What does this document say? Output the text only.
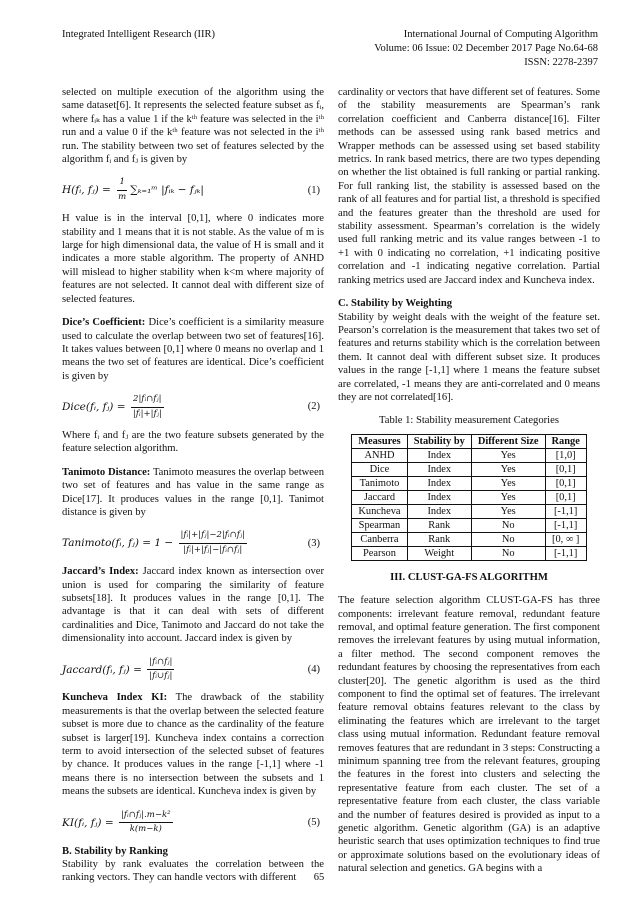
Integrated Intelligent Research (IIR)	International Journal of Computing Algorithm
Volume: 06 Issue: 02 December 2017 Page No.64-68
ISSN: 2278-2397

selected on multiple execution of the algorithm using the same dataset[6]. It represents the selected feature subset as fᵢ, where fᵢₖ has a value 1 if the kᵗʰ feature was selected in the iᵗʰ run and a value 0 if the kᵗʰ feature was not selected in the iᵗʰ run. The stability between two set of features selected by the algorithm fᵢ and fⱼ is given by

H(fᵢ, fⱼ) = $\frac{1}{m}$ ∑ₖ₌₁ᵐ |fᵢₖ − fⱼₖ|	(1)

H value is in the interval [0,1], where 0 indicates more stability and 1 means that it is not stable. As the value of m is large for high dimensional data, the value of H is small and it indicates a more stable algorithm. The property of ANHD will mislead to higher stability when k<m where majority of features are not selected. It cannot deal with different size of selected features.

Dice’s Coefficient: Dice’s coefficient is a similarity measure used to calculate the overlap between two set of features[16]. It takes values between [0,1] where 0 means no overlap and 1 means the two set of features are identical. Dice’s coefficient is given by

Dice(fᵢ, fⱼ) = $\frac{\text{2|fᵢ∩fⱼ|}}{\text{|fᵢ|+|fⱼ|}}$	(2)

Where fᵢ and fⱼ are the two feature subsets generated by the feature selection algorithm.

Tanimoto Distance: Tanimoto measures the overlap between two set of features and has value in the same range as Dice[17]. It produces values in the range [0,1]. Tanimot distance is given by

Tanimoto(fᵢ, fⱼ) = $1 - \frac{\text{|fᵢ|+|fⱼ|−2|fᵢ∩fⱼ|}}{\text{|fᵢ|+|fⱼ|−|fᵢ∩fⱼ|}}$	(3)

Jaccard’s Index: Jaccard index known as intersection over union is used for comparing the similarity of feature subsets[18]. It produces values in the range [0,1]. The advantage is that it can deal with sets of different cardinalities and Dice, Tanimoto and Jaccard do not take the dimensionality into account. Jaccard index is given by

Jaccard(fᵢ, fⱼ) = $\frac{\text{|fᵢ∩fⱼ|}}{\text{|fᵢ∪fⱼ|}}$	(4)

Kuncheva Index KI: The drawback of the stability measurements is that the overlap between the selected feature subset is more due to chance as the cardinality of the feature subset is larger[19]. Kuncheva index contains a correction term to avoid intersection of the selected subset of features by chance. It produces values in the range [-1,1] where -1 means there is no intersection between the subsets and 1 means the subsets are identical. Kuncheva index is given by

KI(fᵢ, fⱼ) = $\frac{\text{|fᵢ∩fⱼ|.m−k²}}{k(m-k)}$	(5)
B. Stability by Ranking

Stability by rank evaluates the correlation between the ranking vectors. They can handle vectors with different

cardinality or vectors that have different set of features. Some of the stability measurements are Spearman’s rank correlation coefficient and Canberra distance[16]. Filter methods can be assessed using rank based metrics and Wrapper methods can be assessed using set based stability metrics. In rank based metrics, there are two types depending on whether the list obtained is full ranking or partial ranking. For full ranking list, the stability is assessed based on the rank of all features and for partial list, a threshold is specified and the features greater than the threshold are used for stability assessment. Spearman’s correlation is the widely used full ranking metric and its value ranges between -1 to +1 with 0 indicating no correlation, +1 indicating positive correlation and -1 indicating negative correlation. Partial ranking metrics used are Jaccard index and Kuncheva index.

C. Stability by Weighting

Stability by weight deals with the weight of the feature set. Pearson’s correlation is the measurement that takes two set of features and returns stability which is the correlation between them. It cannot deal with different subset size. It produces values in the range [-1,1] where 1 means the feature subset are correlated, -1 means they are anti-correlated and 0 means they are not correlated[16].

Table 1: Stability measurement Categories
Measures	Stability by	Different Size	Range
ANHD	Index	Yes	[1,0]
Dice	Index	Yes	[0,1]
Tanimoto	Index	Yes	[0,1]
Jaccard	Index	Yes	[0,1]
Kuncheva	Index	Yes	[-1,1]
Spearman	Rank	No	[-1,1]
Canberra	Rank	No	[0, ∞ ]
Pearson	Weight	No	[-1,1]
III. CLUST-GA-FS ALGORITHM

The feature selection algorithm CLUST-GA-FS has three components: irrelevant feature removal, redundant feature removal, and optimal feature generation. The first component removes the irrelevant features by using mutual information, a filter method. The second component removes the redundant features by choosing the representatives from each cluster[20]. The genetic algorithm is used as the third component to find the optimal set of features. The irrelevant feature removal obtains features relevant to the class by eliminating the features which are irrelevant to the target class using mutual information. Redundant feature removal removes features that are redundant in 3 steps: Constructing a minimum spanning tree from the relevant features, grouping the features in the forest into clusters and selecting the representative feature from each cluster. The set of a representative feature from each cluster, the class variable and the number of features desired is provided as input to a genetic algorithm. Genetic algorithm (GA) is an adaptive heuristic search that uses optimization techniques to find true or approximate solutions based on the evolutionary ideas of natural selection and genetics. GA begins with a

65
